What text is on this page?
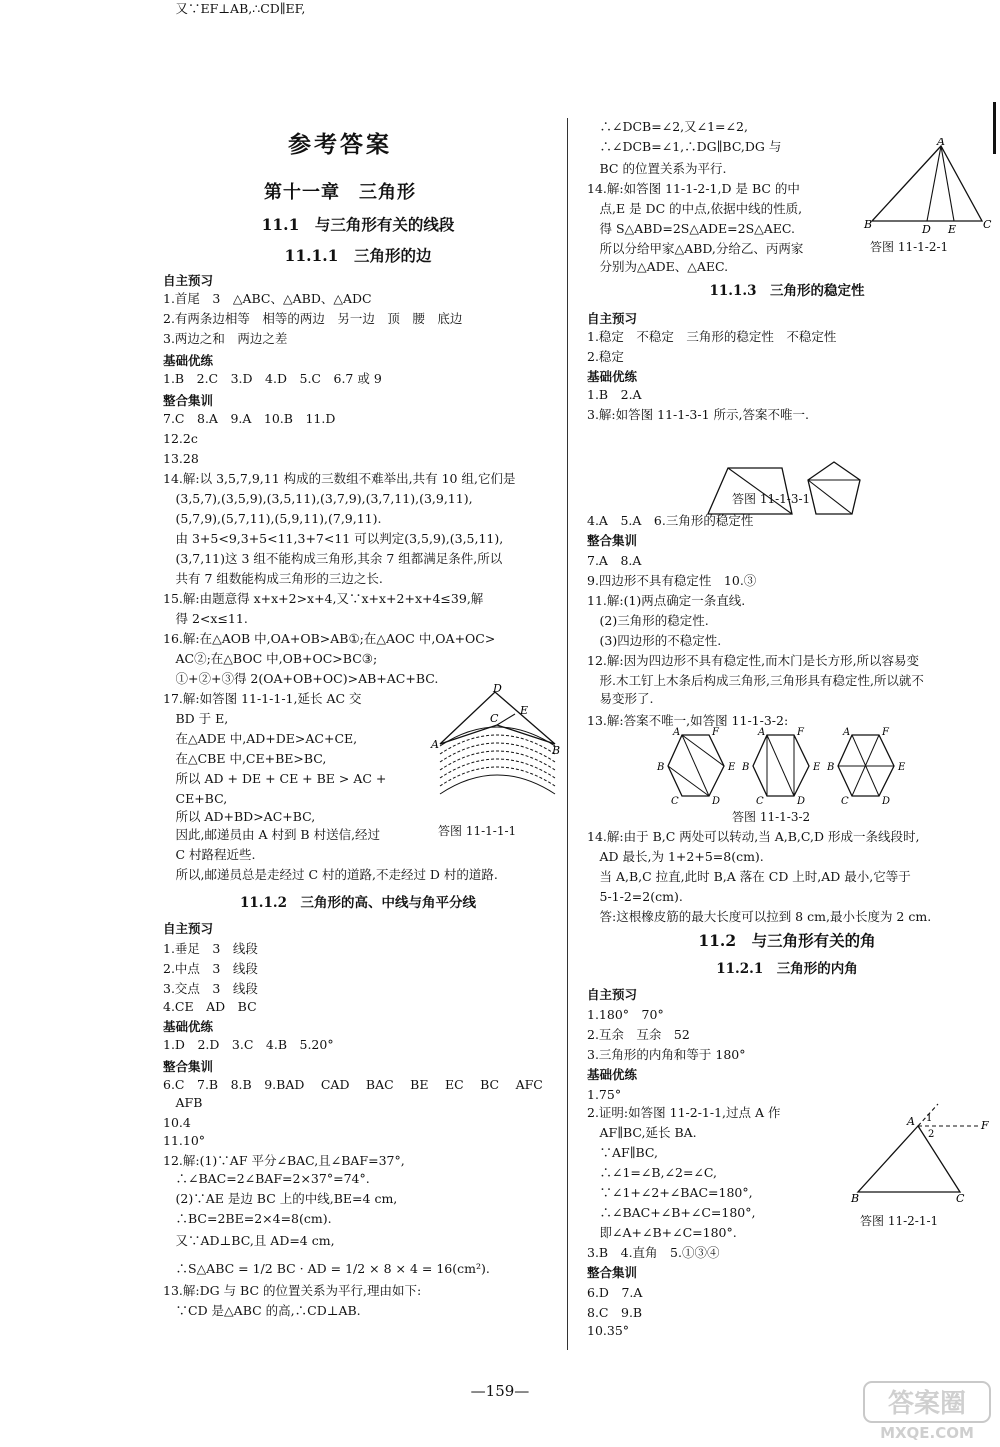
参考答案
第十一章　三角形
11.1　与三角形有关的线段
11.1.1　三角形的边
自主预习
1.首尾　3　△ABC、△ABD、△ADC
2.有两条边相等　相等的两边　另一边　顶　腰　底边
3.两边之和　两边之差
基础优练
1.B　2.C　3.D　4.D　5.C　6.7 或 9
整合集训
7.C　8.A　9.A　10.B　11.D
12.2c
13.28
14.解:以 3,5,7,9,11 构成的三数组不难举出,共有 10 组,它们是
　(3,5,7),(3,5,9),(3,5,11),(3,7,9),(3,7,11),(3,9,11),
　(5,7,9),(5,7,11),(5,9,11),(7,9,11).
　由 3+5<9,3+5<11,3+7<11 可以判定(3,5,9),(3,5,11),
　(3,7,11)这 3 组不能构成三角形,其余 7 组都满足条件,所以
　共有 7 组数能构成三角形的三边之长.
15.解:由题意得 x+x+2>x+4,又∵x+x+2+x+4≤39,解
　得 2<x≤11.
16.解:在△AOB 中,OA+OB>AB①;在△AOC 中,OA+OC>
　AC②;在△BOC 中,OB+OC>BC③;
　①+②+③得 2(OA+OB+OC)>AB+AC+BC.
17.解:如答图 11-1-1-1,延长 AC 交
　BD 于 E,
　在△ADE 中,AD+DE>AC+CE,
　在△CBE 中,CE+BE>BC,
　所以 AD + DE + CE + BE > AC +
　CE+BC,
　所以 AD+BD>AC+BC,
　因此,邮递员由 A 村到 B 村送信,经过
　C 村路程近些.
　所以,邮递员总是走经过 C 村的道路,不走经过 D 村的道路.
11.1.2　三角形的高、中线与角平分线
自主预习
1.垂足　3　线段
2.中点　3　线段
3.交点　3　线段
4.CE　AD　BC
基础优练
1.D　2.D　3.C　4.B　5.20°
整合集训
6.C　7.B　8.B　9.BAD　 CAD　 BAC　 BE　 EC　 BC　 AFC
　AFB
10.4
11.10°
12.解:(1)∵AF 平分∠BAC,且∠BAF=37°,
　∴∠BAC=2∠BAF=2×37°=74°.
　(2)∵AE 是边 BC 上的中线,BE=4 cm,
　∴BC=2BE=2×4=8(cm).
　又∵AD⊥BC,且 AD=4 cm,
　∴S△ABC = 1/2 BC · AD = 1/2 × 8 × 4 = 16(cm²).
13.解:DG 与 BC 的位置关系为平行,理由如下:
　∵CD 是△ABC 的高,∴CD⊥AB.
　又∵EF⊥AB,∴CD∥EF,
　∴∠DCB=∠2,又∠1=∠2,
　∴∠DCB=∠1,∴DG∥BC,DG 与
　BC 的位置关系为平行.
14.解:如答图 11-1-2-1,D 是 BC 的中
　点,E 是 DC 的中点,依据中线的性质,
　得 S△ABD=2S△ADE=2S△AEC.
　所以分给甲家△ABD,分给乙、丙两家
　分别为△ADE、△AEC.
11.1.3　三角形的稳定性
自主预习
1.稳定　不稳定　三角形的稳定性　不稳定性
2.稳定
基础优练
1.B　2.A
3.解:如答图 11-1-3-1 所示,答案不唯一.
4.A　5.A　6.三角形的稳定性
整合集训
7.A　8.A
9.四边形不具有稳定性　10.③
11.解:(1)两点确定一条直线.
　(2)三角形的稳定性.
　(3)四边形的不稳定性.
12.解:因为四边形不具有稳定性,而木门是长方形,所以容易变
　形.木工钉上木条后构成三角形,三角形具有稳定性,所以就不
　易变形了.
13.解:答案不唯一,如答图 11-1-3-2:
14.解:由于 B,C 两处可以转动,当 A,B,C,D 形成一条线段时,
　AD 最长,为 1+2+5=8(cm).
　当 A,B,C 拉直,此时 B,A 落在 CD 上时,AD 最小,它等于
　5-1-2=2(cm).
　答:这根橡皮筋的最大长度可以拉到 8 cm,最小长度为 2 cm.
11.2　与三角形有关的角
11.2.1　三角形的内角
自主预习
1.180°　70°
2.互余　互余　52
3.三角形的内角和等于 180°
基础优练
1.75°
2.证明:如答图 11-2-1-1,过点 A 作
　AF∥BC,延长 BA.
　∵AF∥BC,
　∴∠1=∠B,∠2=∠C,
　∵∠1+∠2+∠BAC=180°,
　∴∠BAC+∠B+∠C=180°,
　即∠A+∠B+∠C=180°.
3.B　4.直角　5.①③④
整合集训
6.D　7.A
8.C　9.B
10.35°
D
E
C
A	B
答图 11-1-1-1
A
B	D E C
答图 11-1-2-1
答图 11-1-3-1
A	F
B	E
C	D
A	F
B	E
C	D
A	F
B	E
C	D
答图 11-1-3-2
A 1
2
F
B	C
答图 11-2-1-1
—159—	答案圈
MXQE.COM
